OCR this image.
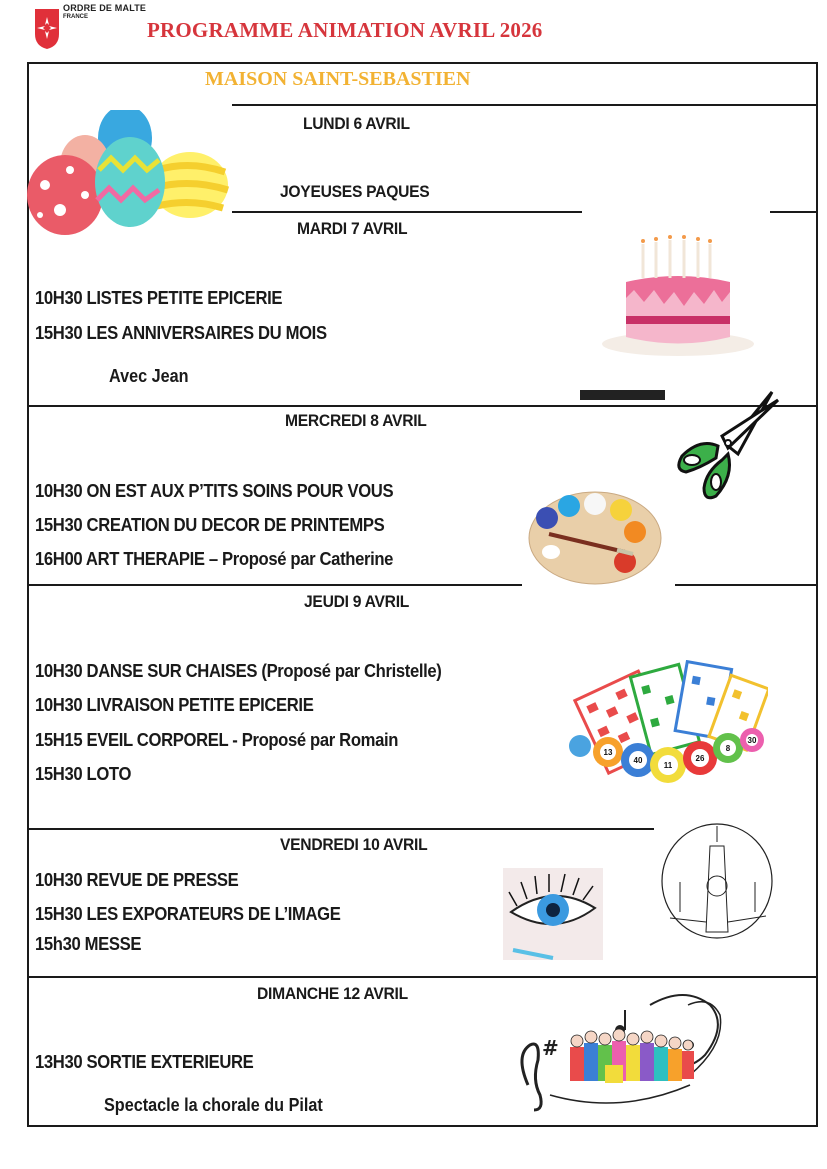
ORDRE DE MALTE
FRANCE
PROGRAMME ANIMATION AVRIL 2026
MAISON SAINT-SEBASTIEN
LUNDI 6 AVRIL
JOYEUSES PAQUES
MARDI 7 AVRIL
10H30 LISTES PETITE EPICERIE
15H30 LES ANNIVERSAIRES DU MOIS
Avec Jean
MERCREDI 8 AVRIL
10H30 ON EST AUX P’TITS SOINS POUR VOUS
15H30 CREATION DU DECOR DE PRINTEMPS
16H00 ART THERAPIE – Proposé par Catherine
JEUDI 9 AVRIL
10H30 DANSE SUR CHAISES (Proposé par Christelle)
10H30 LIVRAISON PETITE EPICERIE
15H15 EVEIL CORPOREL - Proposé par Romain
15H30 LOTO
13
40
11
26
8
30
VENDREDI 10 AVRIL
10H30 REVUE DE PRESSE
15H30 LES EXPORATEURS DE L’IMAGE
15h30 MESSE
DIMANCHE 12 AVRIL
13H30 SORTIE EXTERIEURE
Spectacle la chorale du Pilat
#
